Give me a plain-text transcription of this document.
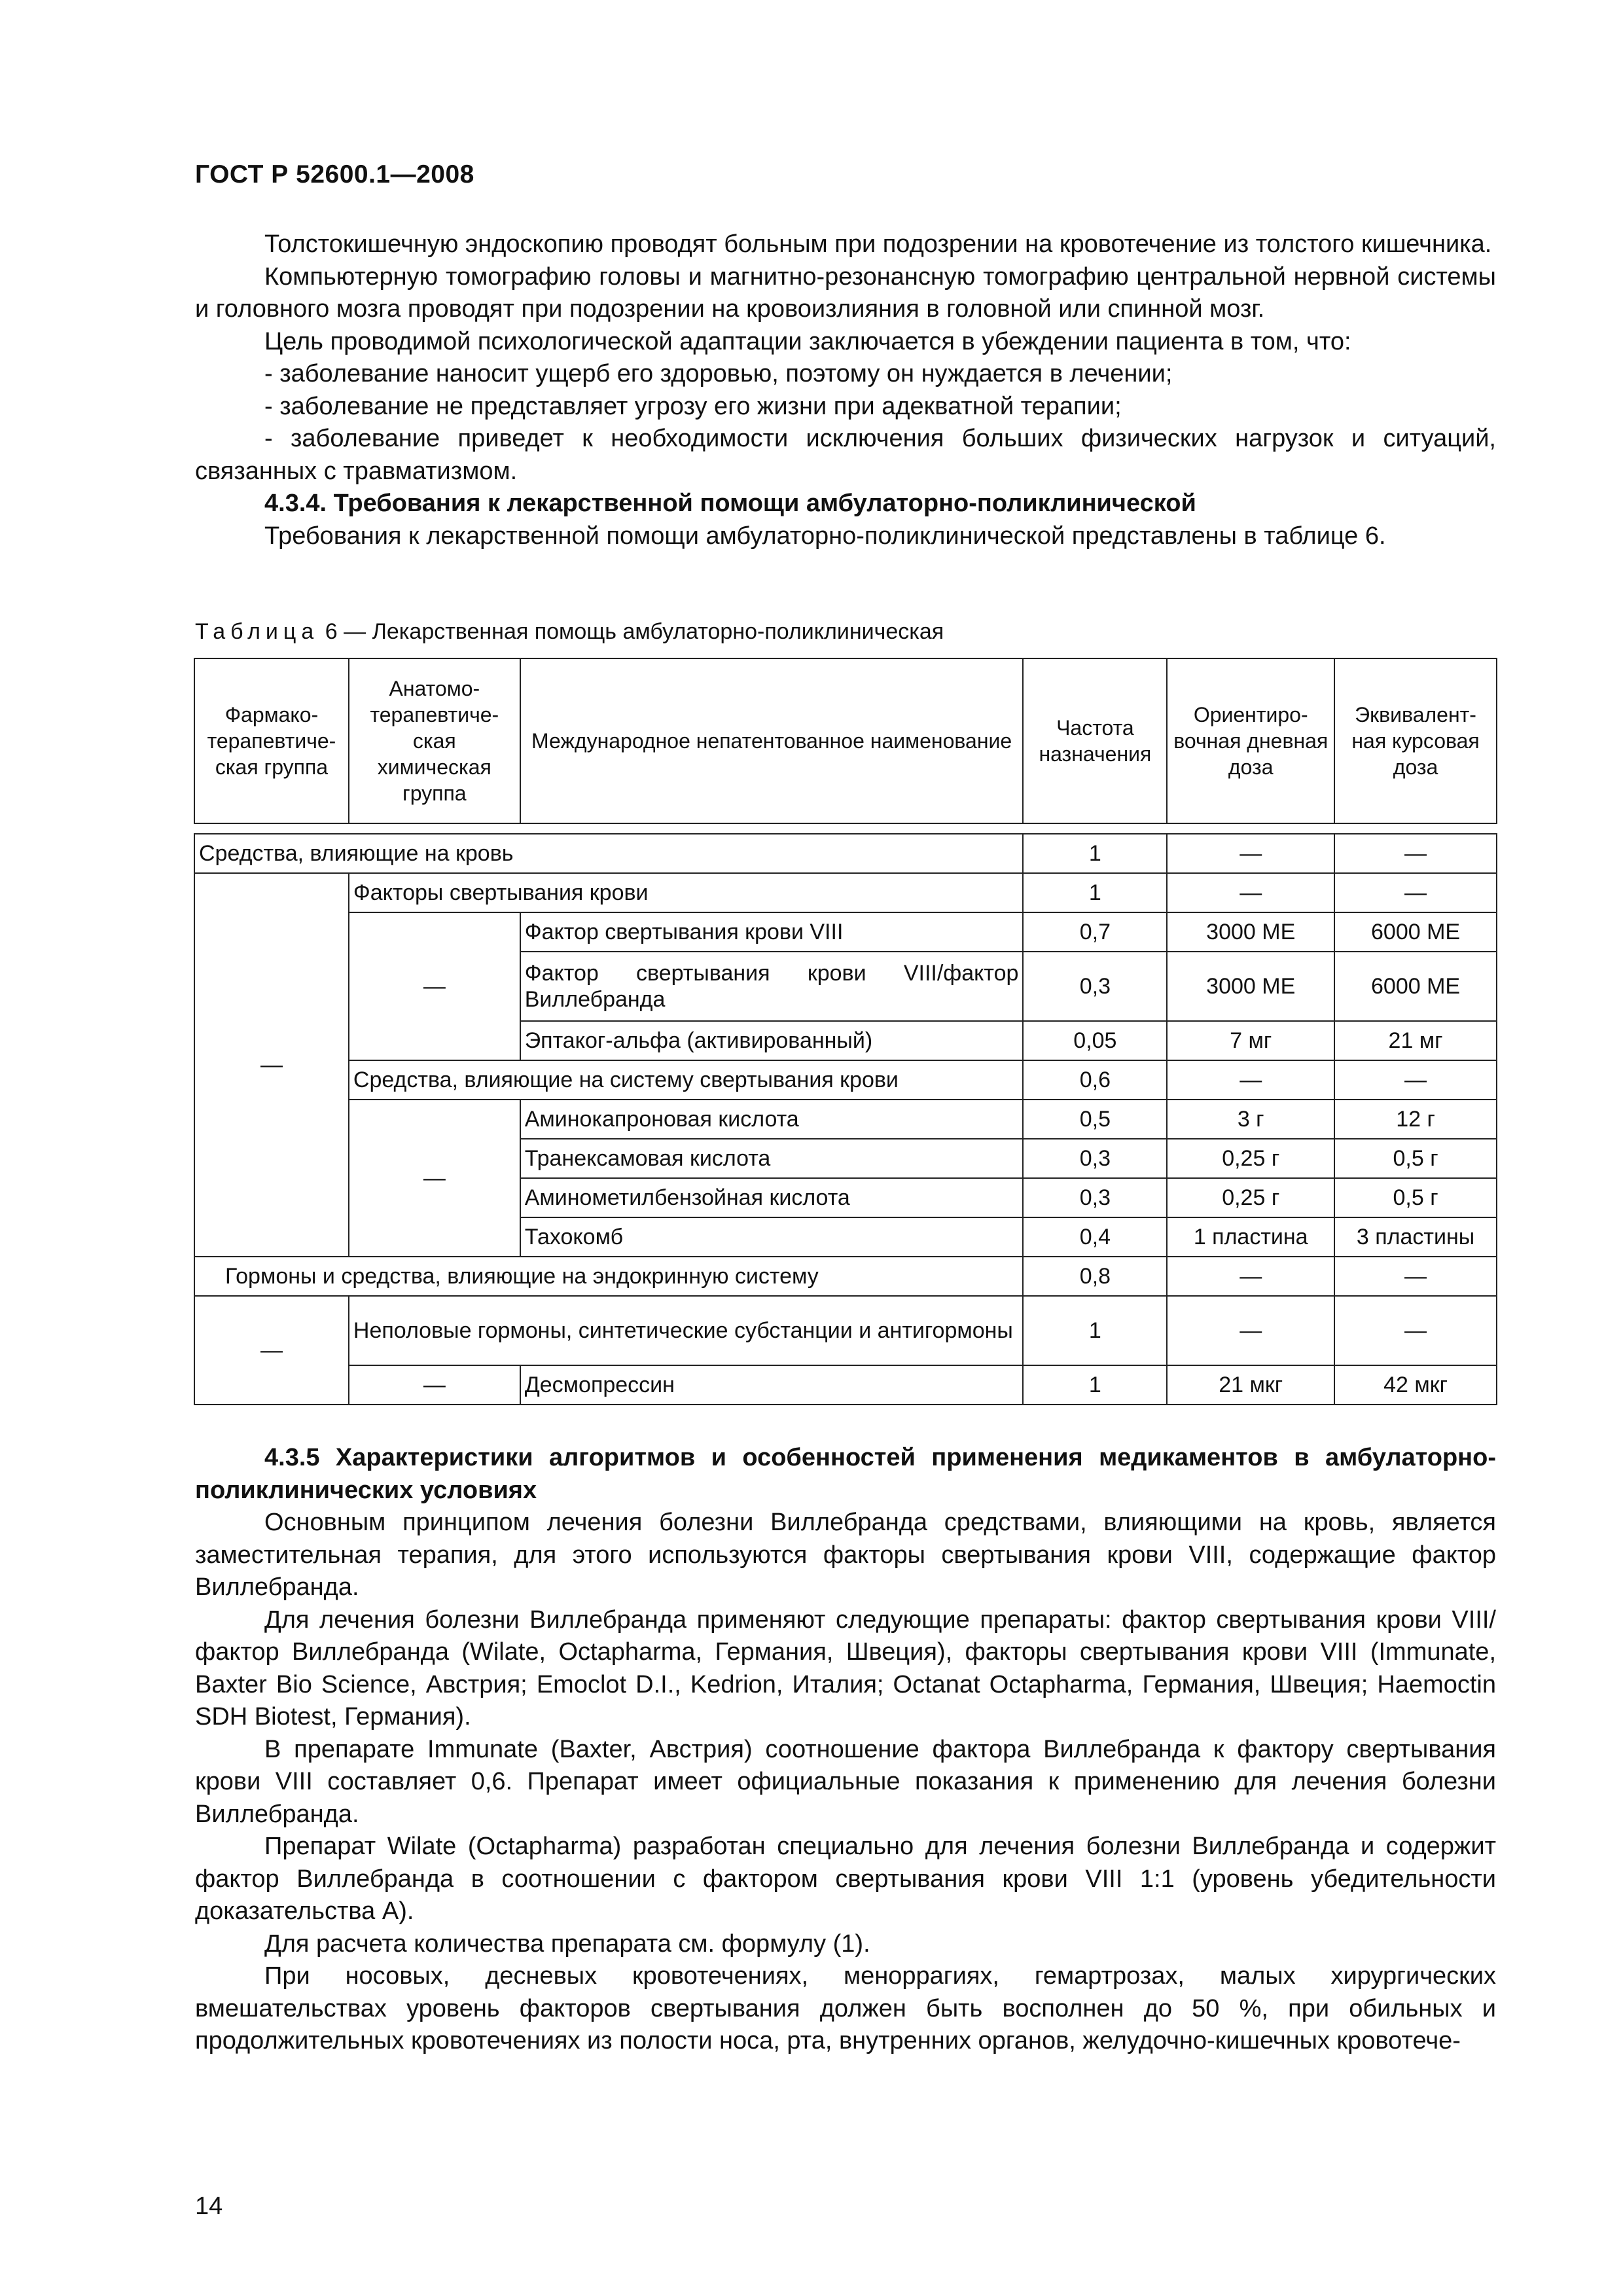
ГОСТ Р 52600.1—2008

Толстокишечную эндоскопию проводят больным при подозрении на кровотечение из толстого кишечника.

Компьютерную томографию головы и магнитно-резонансную томографию центральной нервной системы и головного мозга проводят при подозрении на кровоизлияния в головной или спинной мозг.

Цель проводимой психологической адаптации заключается в убеждении пациента в том, что:

- заболевание наносит ущерб его здоровью, поэтому он нуждается в лечении;

- заболевание не представляет угрозу его жизни при адекватной терапии;

- заболевание приведет к необходимости исключения больших физических нагрузок и ситуаций, связанных с травматизмом.

4.3.4. Требования к лекарственной помощи амбулаторно-поликлинической

Требования к лекарственной помощи амбулаторно-поликлинической представлены в таблице 6.

Таблица 6 — Лекарственная помощь амбулаторно-поликлиническая
Фармако-терапевтиче-ская группа	Анатомо-терапевтиче-ская химическая группа	Международное непатентованное наименование	Частота назначения	Ориентиро-вочная дневная доза	Эквивалент-ная курсовая доза

Средства, влияющие на кровь			1	—	—
—	Факторы свертывания крови		1	—	—
	—	Фактор свертывания крови VIII	0,7	3000 МЕ	6000 МЕ
		Фактор свертывания крови VIII/фактор Виллебранда	0,3	3000 МЕ	6000 МЕ
		Эптаког-альфа (активированный)	0,05	7 мг	21 мг
	Средства, влияющие на систему свертывания крови		0,6	—	—
	—	Аминокапроновая кислота	0,5	3 г	12 г
		Транексамовая кислота	0,3	0,25 г	0,5 г
		Аминометилбензойная кислота	0,3	0,25 г	0,5 г
		Тахокомб	0,4	1 пластина	3 пластины
Гормоны и средства, влияющие на эндокринную систему			0,8	—	—
—	Неполовые гормоны, синтетические субстанции и антигормоны		1	—	—
	—	Десмопрессин	1	21 мкг	42 мкг
4.3.5 Характеристики алгоритмов и особенностей применения медикаментов в амбулаторно-поликлинических условиях

Основным принципом лечения болезни Виллебранда средствами, влияющими на кровь, является заместительная терапия, для этого используются факторы свертывания крови VIII, содержащие фактор Виллебранда.

Для лечения болезни Виллебранда применяют следующие препараты: фактор свертывания крови VIII/фактор Виллебранда (Wilate, Octapharma, Германия, Швеция), факторы свертывания крови VIII (Immunate, Baxter Bio Science, Австрия; Emoclot D.I., Kedrion, Италия; Octanat Octapharma, Германия, Швеция; Haemoctin SDH Biotest, Германия).

В препарате Immunate (Baxter, Австрия) соотношение фактора Виллебранда к фактору свертывания крови VIII составляет 0,6. Препарат имеет официальные показания к применению для лечения болезни Виллебранда.

Препарат Wilate (Octapharma) разработан специально для лечения болезни Виллебранда и содержит фактор Виллебранда в соотношении с фактором свертывания крови VIII 1:1 (уровень убедительности доказательства А).

Для расчета количества препарата см. формулу (1).

При носовых, десневых кровотечениях, меноррагиях, гемартрозах, малых хирургических вмешательствах уровень факторов свертывания должен быть восполнен до 50 %, при обильных и продолжительных кровотечениях из полости носа, рта, внутренних органов, желудочно-кишечных кровотече-

14
